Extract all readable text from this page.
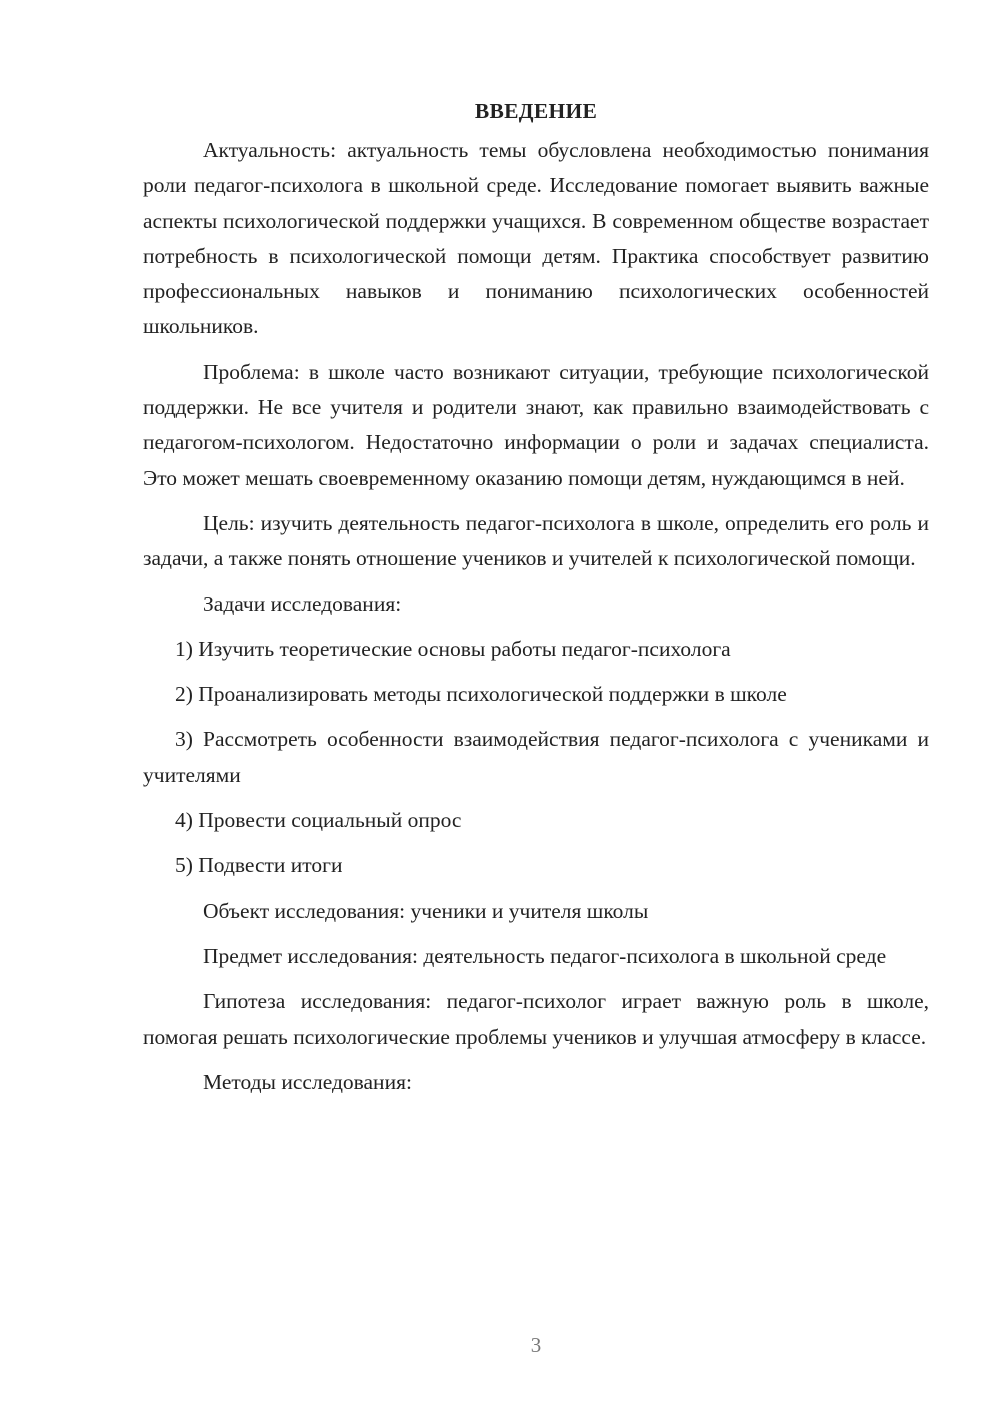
ВВЕДЕНИЕ

Актуальность: актуальность темы обусловлена необходимостью понимания роли педагог-психолога в школьной среде. Исследование помогает выявить важные аспекты психологической поддержки учащихся. В современном обществе возрастает потребность в психологической помощи детям. Практика способствует развитию профессиональных навыков и пониманию психологических особенностей школьников.

Проблема: в школе часто возникают ситуации, требующие психологической поддержки. Не все учителя и родители знают, как правильно взаимодействовать с педагогом-психологом. Недостаточно информации о роли и задачах специалиста. Это может мешать своевременному оказанию помощи детям, нуждающимся в ней.

Цель: изучить деятельность педагог-психолога в школе, определить его роль и задачи, а также понять отношение учеников и учителей к психологической помощи.

Задачи исследования:

1) Изучить теоретические основы работы педагог-психолога

2) Проанализировать методы психологической поддержки в школе

3) Рассмотреть особенности взаимодействия педагог-психолога с учениками и учителями

4) Провести социальный опрос

5) Подвести итоги

Объект исследования: ученики и учителя школы

Предмет исследования: деятельность педагог-психолога в школьной среде

Гипотеза исследования: педагог-психолог играет важную роль в школе, помогая решать психологические проблемы учеников и улучшая атмосферу в классе.

Методы исследования:

3
